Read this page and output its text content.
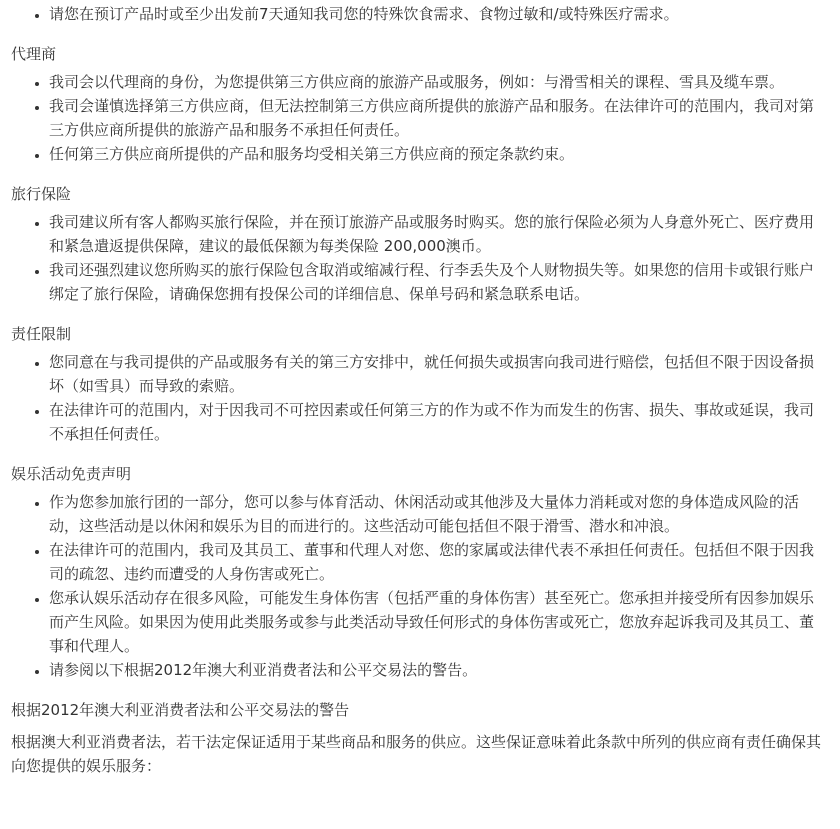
• 请您在预订产品时或至少出发前7天通知我司您的特殊饮食需求、食物过敏和/或特殊医疗需求。
代理商
• 我司会以代理商的身份，为您提供第三方供应商的旅游产品或服务，例如：与滑雪相关的课程、雪具及缆车票。
• 我司会谨慎选择第三方供应商，但无法控制第三方供应商所提供的旅游产品和服务。在法律许可的范围内，我司对第三方供应商所提供的旅游产品和服务不承担任何责任。
• 任何第三方供应商所提供的产品和服务均受相关第三方供应商的预定条款约束。
旅行保险
• 我司建议所有客人都购买旅行保险，并在预订旅游产品或服务时购买。您的旅行保险必须为人身意外死亡、医疗费用和紧急遣返提供保障，建议的最低保额为每类保险 200,000澳币。
• 我司还强烈建议您所购买的旅行保险包含取消或缩减行程、行李丢失及个人财物损失等。如果您的信用卡或银行账户绑定了旅行保险，请确保您拥有投保公司的详细信息、保单号码和紧急联系电话。
责任限制
• 您同意在与我司提供的产品或服务有关的第三方安排中，就任何损失或损害向我司进行赔偿，包括但不限于因设备损坏（如雪具）而导致的索赔。
• 在法律许可的范围内，对于因我司不可控因素或任何第三方的作为或不作为而发生的伤害、损失、事故或延误，我司不承担任何责任。
娱乐活动免责声明
• 作为您参加旅行团的一部分，您可以参与体育活动、休闲活动或其他涉及大量体力消耗或对您的身体造成风险的活动，这些活动是以休闲和娱乐为目的而进行的。这些活动可能包括但不限于滑雪、潜水和冲浪。
• 在法律许可的范围内，我司及其员工、董事和代理人对您、您的家属或法律代表不承担任何责任。包括但不限于因我司的疏忽、违约而遭受的人身伤害或死亡。
• 您承认娱乐活动存在很多风险，可能发生身体伤害（包括严重的身体伤害）甚至死亡。您承担并接受所有因参加娱乐而产生风险。如果因为使用此类服务或参与此类活动导致任何形式的身体伤害或死亡，您放弃起诉我司及其员工、董事和代理人。
• 请参阅以下根据2012年澳大利亚消费者法和公平交易法的警告。
根据2012年澳大利亚消费者法和公平交易法的警告

根据澳大利亚消费者法，若干法定保证适用于某些商品和服务的供应。这些保证意味着此条款中所列的供应商有责任确保其向您提供的娱乐服务：
